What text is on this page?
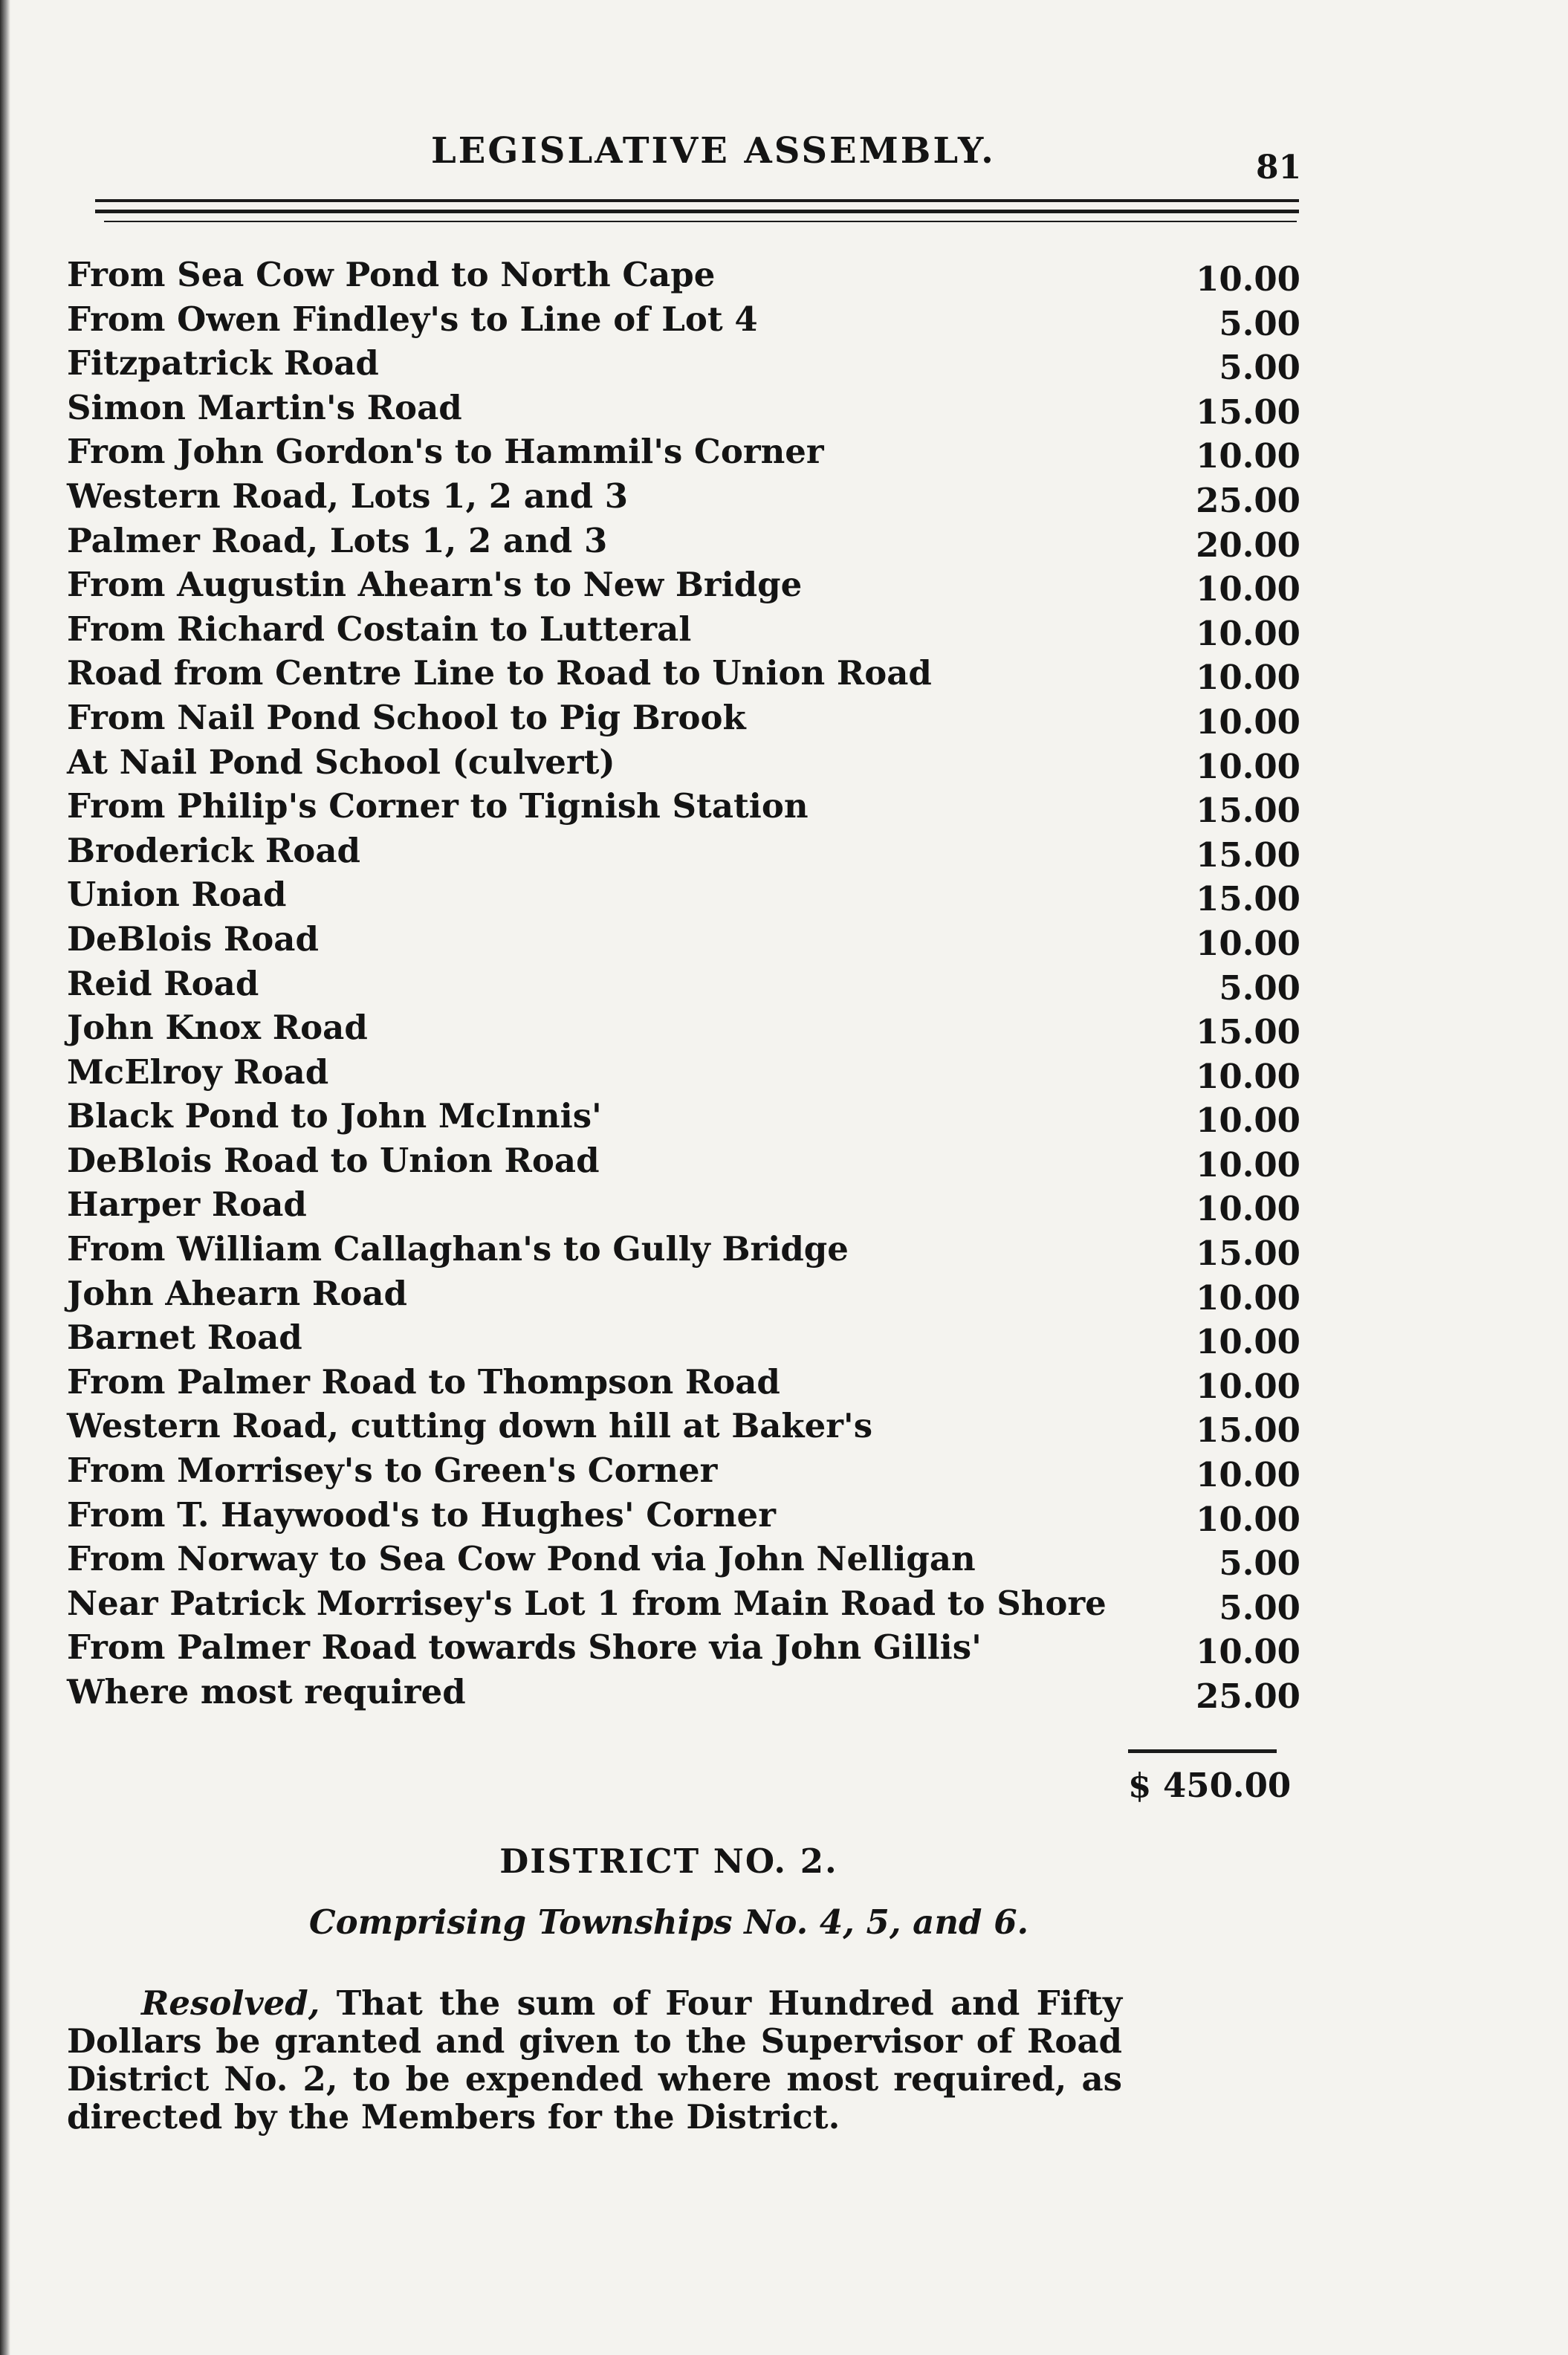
LEGISLATIVE ASSEMBLY.	81
From Sea Cow Pond to North Cape	10.00
From Owen Findley's to Line of Lot 4	5.00
Fitzpatrick Road	5.00
Simon Martin's Road	15.00
From John Gordon's to Hammil's Corner	10.00
Western Road, Lots 1, 2 and 3	25.00
Palmer Road, Lots 1, 2 and 3	20.00
From Augustin Ahearn's to New Bridge	10.00
From Richard Costain to Lutteral	10.00
Road from Centre Line to Road to Union Road	10.00
From Nail Pond School to Pig Brook	10.00
At Nail Pond School (culvert)	10.00
From Philip's Corner to Tignish Station	15.00
Broderick Road	15.00
Union Road	15.00
DeBlois Road	10.00
Reid Road	5.00
John Knox Road	15.00
McElroy Road	10.00
Black Pond to John McInnis'	10.00
DeBlois Road to Union Road	10.00
Harper Road	10.00
From William Callaghan's to Gully Bridge	15.00
John Ahearn Road	10.00
Barnet Road	10.00
From Palmer Road to Thompson Road	10.00
Western Road, cutting down hill at Baker's	15.00
From Morrisey's to Green's Corner	10.00
From T. Haywood's to Hughes' Corner	10.00
From Norway to Sea Cow Pond via John Nelligan	5.00
Near Patrick Morrisey's Lot 1 from Main Road to Shore	5.00
From Palmer Road towards Shore via John Gillis'	10.00
Where most required	25.00
$ 450.00
DISTRICT NO. 2.
Comprising Townships No. 4, 5, and 6.
Resolved, That the sum of Four Hundred and Fifty Dollars be granted and given to the Supervisor of Road District No. 2, to be expended where most required, as directed by the Members for the District.
